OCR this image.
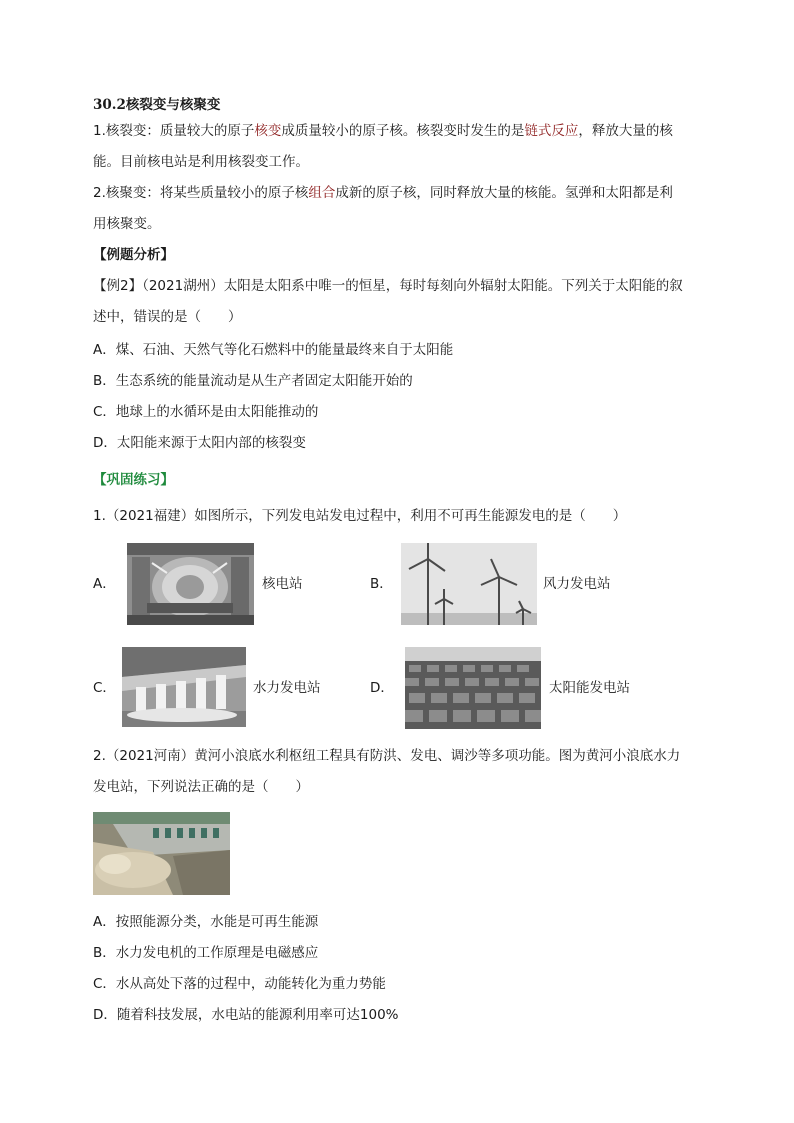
30.2核裂变与核聚变
1.核裂变：质量较大的原子核变成质量较小的原子核。核裂变时发生的是链式反应，释放大量的核
能。目前核电站是利用核裂变工作。
2.核聚变：将某些质量较小的原子核组合成新的原子核，同时释放大量的核能。氢弹和太阳都是利
用核聚变。
【例题分析】
【例2】（2021湖州）太阳是太阳系中唯一的恒星，每时每刻向外辐射太阳能。下列关于太阳能的叙
述中，错误的是（　　）
A．煤、石油、天然气等化石燃料中的能量最终来自于太阳能
B．生态系统的能量流动是从生产者固定太阳能开始的
C．地球上的水循环是由太阳能推动的
D．太阳能来源于太阳内部的核裂变
【巩固练习】
1.（2021福建）如图所示，下列发电站发电过程中，利用不可再生能源发电的是（　　）
A．	核电站	B．	风力发电站
C．	水力发电站	D．	太阳能发电站
2.（2021河南）黄河小浪底水利枢纽工程具有防洪、发电、调沙等多项功能。图为黄河小浪底水力
发电站，下列说法正确的是（　　）
A．按照能源分类，水能是可再生能源
B．水力发电机的工作原理是电磁感应
C．水从高处下落的过程中，动能转化为重力势能
D．随着科技发展，水电站的能源利用率可达100%
